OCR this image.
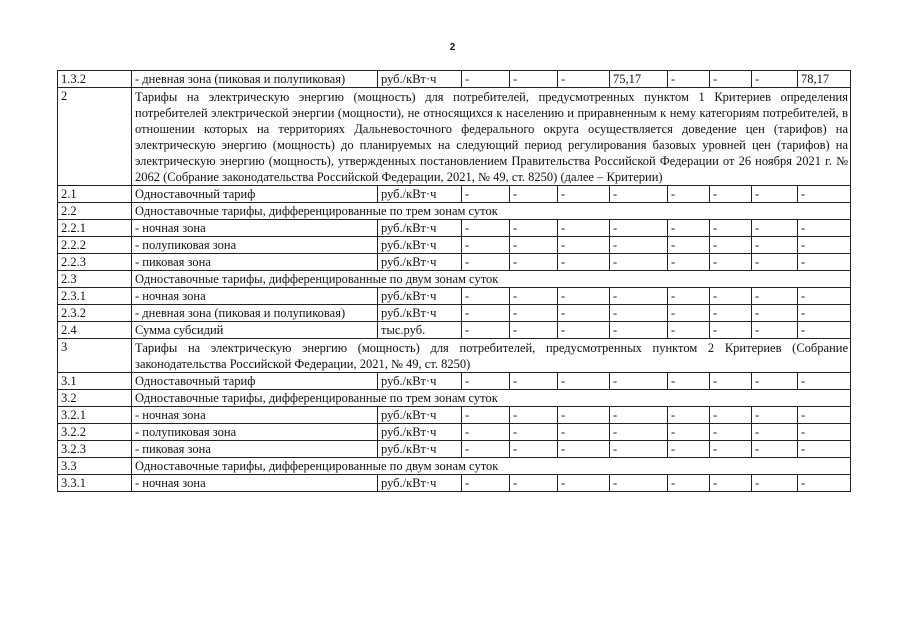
2
1.3.2	- дневная зона (пиковая и полупиковая)	руб./кВт·ч	-	-	-	75,17	-	-	-	78,17
2	Тарифы на электрическую энергию (мощность) для потребителей, предусмотренных пунктом 1 Критериев определения потребителей электрической энергии (мощности), не относящихся к населению и приравненным к нему категориям потребителей, в отношении которых на территориях Дальневосточного федерального округа осуществляется доведение цен (тарифов) на электрическую энергию (мощность) до планируемых на следующий период регулирования базовых уровней цен (тарифов) на электрическую энергию (мощность), утвержденных постановлением Правительства Российской Федерации от 26 ноября 2021 г. № 2062 (Собрание законодательства Российской Федерации, 2021, № 49, ст. 8250) (далее – Критерии)									
2.1	Одноставочный тариф	руб./кВт·ч	-	-	-	-	-	-	-	-
2.2	Одноставочные тарифы, дифференцированные по трем зонам суток									
2.2.1	- ночная зона	руб./кВт·ч	-	-	-	-	-	-	-	-
2.2.2	- полупиковая зона	руб./кВт·ч	-	-	-	-	-	-	-	-
2.2.3	- пиковая зона	руб./кВт·ч	-	-	-	-	-	-	-	-
2.3	Одноставочные тарифы, дифференцированные по двум зонам суток									
2.3.1	- ночная зона	руб./кВт·ч	-	-	-	-	-	-	-	-
2.3.2	- дневная зона (пиковая и полупиковая)	руб./кВт·ч	-	-	-	-	-	-	-	-
2.4	Сумма субсидий	тыс.руб.	-	-	-	-	-	-	-	-
3	Тарифы на электрическую энергию (мощность) для потребителей, предусмотренных пунктом 2 Критериев (Собрание законодательства Российской Федерации, 2021, № 49, ст. 8250)									
3.1	Одноставочный тариф	руб./кВт·ч	-	-	-	-	-	-	-	-
3.2	Одноставочные тарифы, дифференцированные по трем зонам суток									
3.2.1	- ночная зона	руб./кВт·ч	-	-	-	-	-	-	-	-
3.2.2	- полупиковая зона	руб./кВт·ч	-	-	-	-	-	-	-	-
3.2.3	- пиковая зона	руб./кВт·ч	-	-	-	-	-	-	-	-
3.3	Одноставочные тарифы, дифференцированные по двум зонам суток									
3.3.1	- ночная зона	руб./кВт·ч	-	-	-	-	-	-	-	-
